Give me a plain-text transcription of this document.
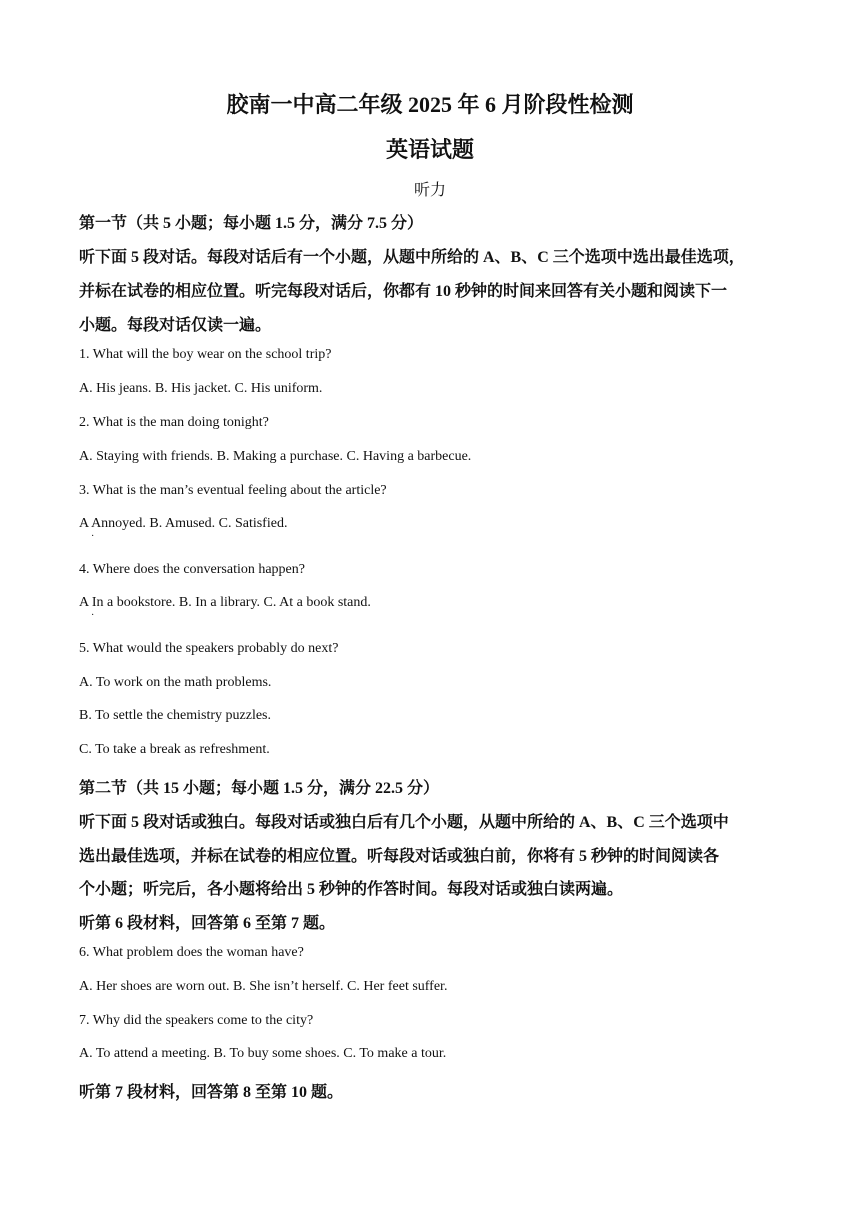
胶南一中高二年级 2025 年 6 月阶段性检测
英语试题
听力
第一节（共 5 小题；每小题 1.5 分，满分 7.5 分）
听下面 5 段对话。每段对话后有一个小题，从题中所给的 A、B、C 三个选项中选出最佳选项，
并标在试卷的相应位置。听完每段对话后，你都有 10 秒钟的时间来回答有关小题和阅读下一
小题。每段对话仅读一遍。
1. What will the boy wear on the school trip?
A. His jeans. B. His jacket. C. His uniform.
2. What is the man doing tonight?
A. Staying with friends. B. Making a purchase. C. Having a barbecue.
3. What is the man’s eventual feeling about the article?
A Annoyed. B. Amused. C. Satisfied.
·
4. Where does the conversation happen?
A In a bookstore. B. In a library. C. At a book stand.
·
5. What would the speakers probably do next?
A. To work on the math problems.
B. To settle the chemistry puzzles.
C. To take a break as refreshment.
第二节（共 15 小题；每小题 1.5 分，满分 22.5 分）
听下面 5 段对话或独白。每段对话或独白后有几个小题，从题中所给的 A、B、C 三个选项中
选出最佳选项，并标在试卷的相应位置。听每段对话或独白前，你将有 5 秒钟的时间阅读各
个小题；听完后，各小题将给出 5 秒钟的作答时间。每段对话或独白读两遍。
听第 6 段材料，回答第 6 至第 7 题。
6. What problem does the woman have?
A. Her shoes are worn out. B. She isn’t herself. C. Her feet suffer.
7. Why did the speakers come to the city?
A. To attend a meeting. B. To buy some shoes. C. To make a tour.
听第 7 段材料，回答第 8 至第 10 题。
